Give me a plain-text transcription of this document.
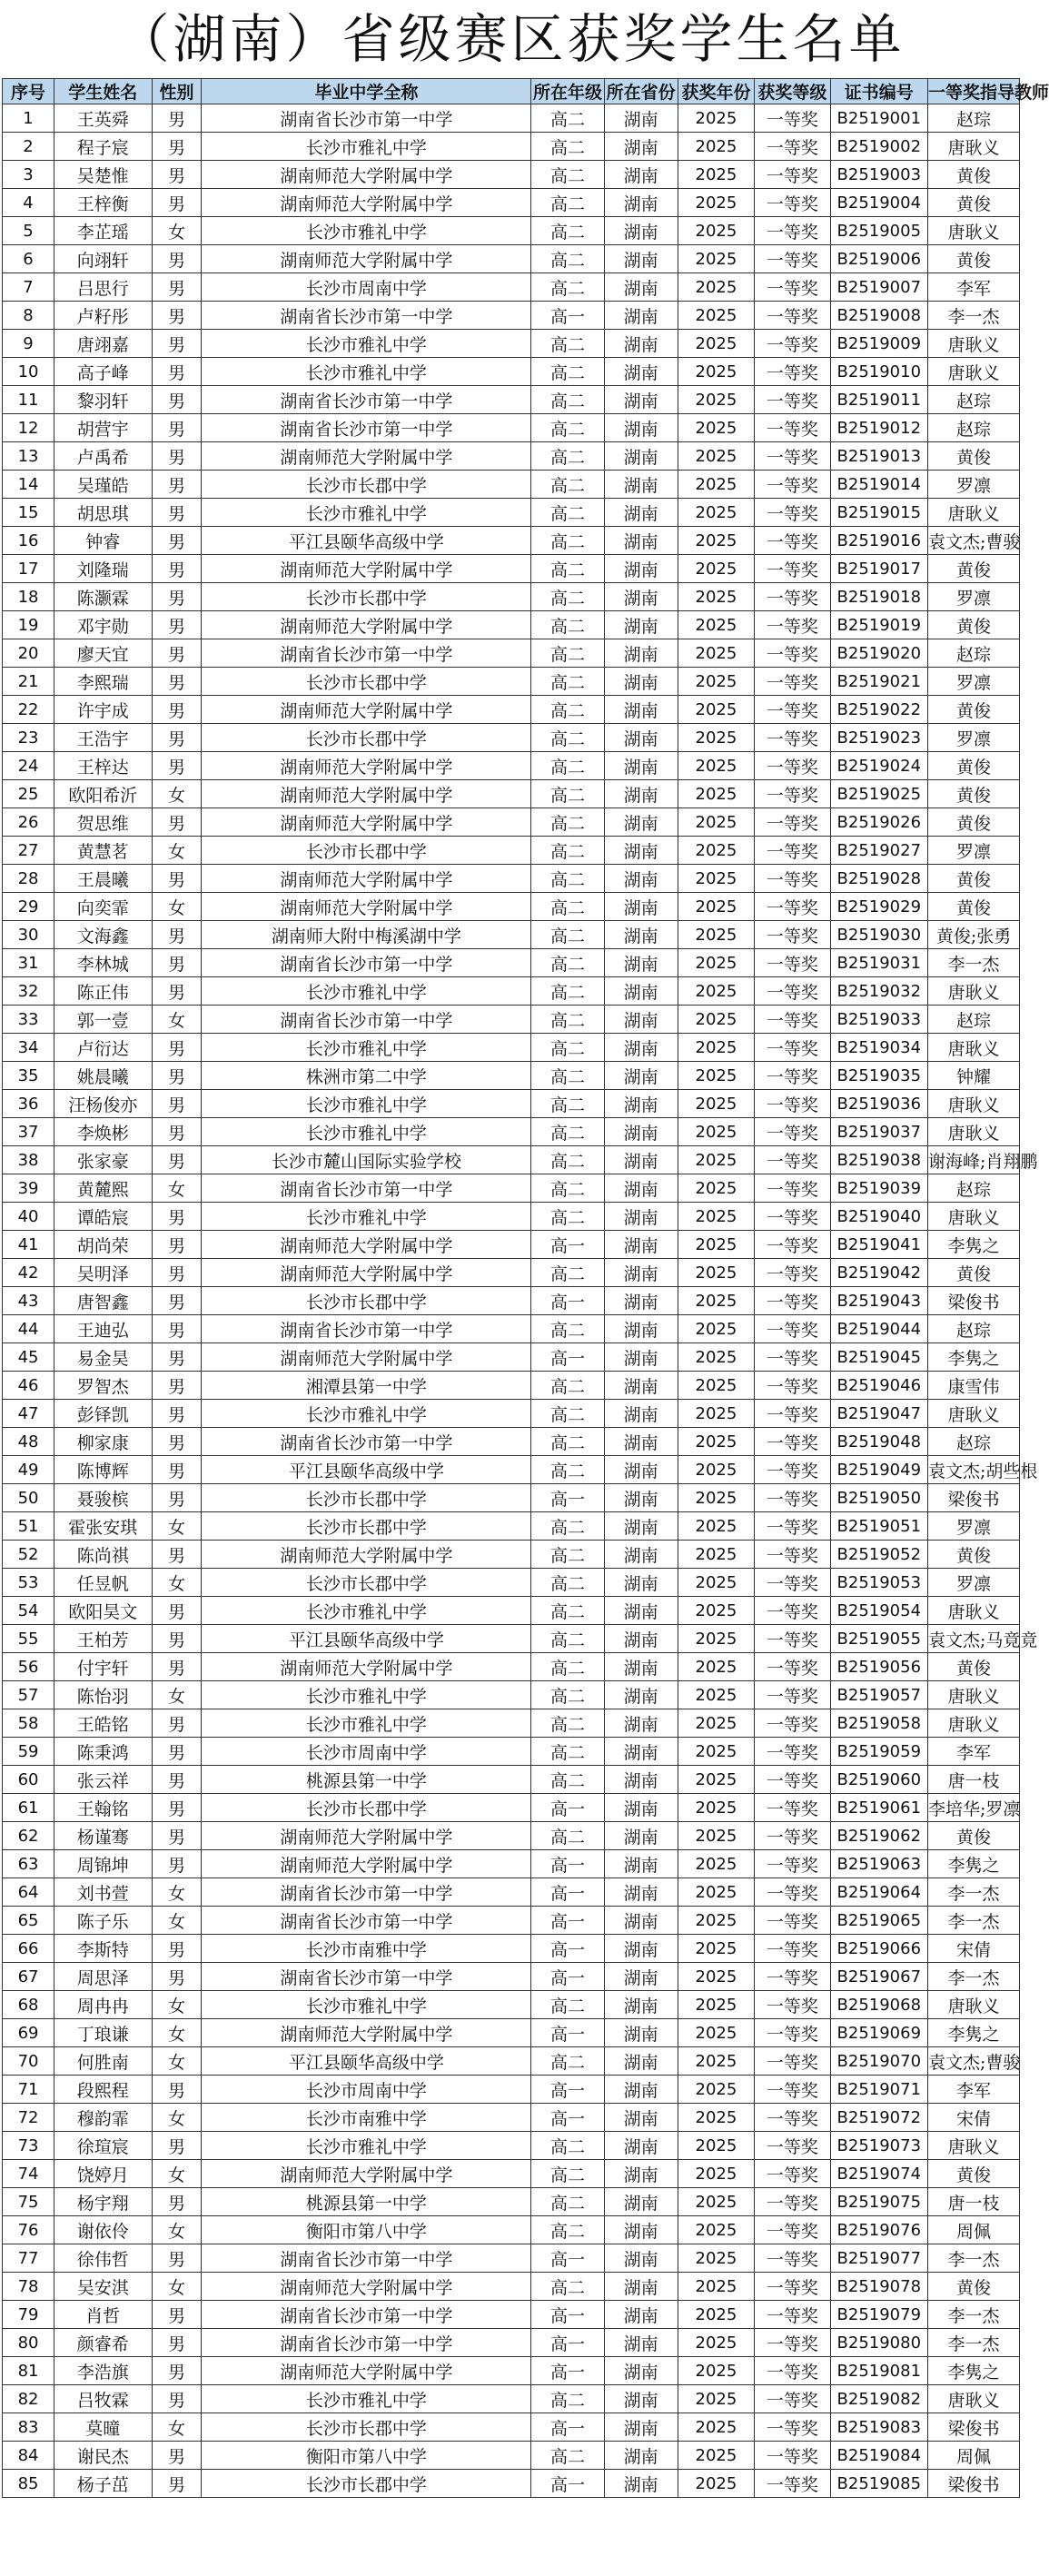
（湖南）省级赛区获奖学生名单
序号	学生姓名	性别	毕业中学全称	所在年级	所在省份	获奖年份	获奖等级	证书编号	一等奖指导教师
1	王英舜	男	湖南省长沙市第一中学	高二	湖南	2025	一等奖	B2519001	赵琮
2	程子宸	男	长沙市雅礼中学	高二	湖南	2025	一等奖	B2519002	唐耿义
3	吴楚惟	男	湖南师范大学附属中学	高二	湖南	2025	一等奖	B2519003	黄俊
4	王梓衡	男	湖南师范大学附属中学	高二	湖南	2025	一等奖	B2519004	黄俊
5	李芷瑶	女	长沙市雅礼中学	高二	湖南	2025	一等奖	B2519005	唐耿义
6	向翊轩	男	湖南师范大学附属中学	高二	湖南	2025	一等奖	B2519006	黄俊
7	吕思行	男	长沙市周南中学	高二	湖南	2025	一等奖	B2519007	李军
8	卢籽彤	男	湖南省长沙市第一中学	高一	湖南	2025	一等奖	B2519008	李一杰
9	唐翊嘉	男	长沙市雅礼中学	高二	湖南	2025	一等奖	B2519009	唐耿义
10	高子峰	男	长沙市雅礼中学	高二	湖南	2025	一等奖	B2519010	唐耿义
11	黎羽轩	男	湖南省长沙市第一中学	高二	湖南	2025	一等奖	B2519011	赵琮
12	胡营宇	男	湖南省长沙市第一中学	高二	湖南	2025	一等奖	B2519012	赵琮
13	卢禹希	男	湖南师范大学附属中学	高二	湖南	2025	一等奖	B2519013	黄俊
14	吴瑾皓	男	长沙市长郡中学	高二	湖南	2025	一等奖	B2519014	罗凛
15	胡思琪	男	长沙市雅礼中学	高二	湖南	2025	一等奖	B2519015	唐耿义
16	钟睿	男	平江县颐华高级中学	高二	湖南	2025	一等奖	B2519016	袁文杰;曹骏
17	刘隆瑞	男	湖南师范大学附属中学	高二	湖南	2025	一等奖	B2519017	黄俊
18	陈灏霖	男	长沙市长郡中学	高二	湖南	2025	一等奖	B2519018	罗凛
19	邓宇勋	男	湖南师范大学附属中学	高二	湖南	2025	一等奖	B2519019	黄俊
20	廖天宜	男	湖南省长沙市第一中学	高二	湖南	2025	一等奖	B2519020	赵琮
21	李熙瑞	男	长沙市长郡中学	高二	湖南	2025	一等奖	B2519021	罗凛
22	许宇成	男	湖南师范大学附属中学	高二	湖南	2025	一等奖	B2519022	黄俊
23	王浩宇	男	长沙市长郡中学	高二	湖南	2025	一等奖	B2519023	罗凛
24	王梓达	男	湖南师范大学附属中学	高二	湖南	2025	一等奖	B2519024	黄俊
25	欧阳希沂	女	湖南师范大学附属中学	高二	湖南	2025	一等奖	B2519025	黄俊
26	贺思维	男	湖南师范大学附属中学	高二	湖南	2025	一等奖	B2519026	黄俊
27	黄慧茗	女	长沙市长郡中学	高二	湖南	2025	一等奖	B2519027	罗凛
28	王晨曦	男	湖南师范大学附属中学	高二	湖南	2025	一等奖	B2519028	黄俊
29	向奕霏	女	湖南师范大学附属中学	高二	湖南	2025	一等奖	B2519029	黄俊
30	文海鑫	男	湖南师大附中梅溪湖中学	高二	湖南	2025	一等奖	B2519030	黄俊;张勇
31	李林城	男	湖南省长沙市第一中学	高二	湖南	2025	一等奖	B2519031	李一杰
32	陈正伟	男	长沙市雅礼中学	高二	湖南	2025	一等奖	B2519032	唐耿义
33	郭一壹	女	湖南省长沙市第一中学	高二	湖南	2025	一等奖	B2519033	赵琮
34	卢衍达	男	长沙市雅礼中学	高二	湖南	2025	一等奖	B2519034	唐耿义
35	姚晨曦	男	株洲市第二中学	高二	湖南	2025	一等奖	B2519035	钟耀
36	汪杨俊亦	男	长沙市雅礼中学	高二	湖南	2025	一等奖	B2519036	唐耿义
37	李焕彬	男	长沙市雅礼中学	高二	湖南	2025	一等奖	B2519037	唐耿义
38	张家豪	男	长沙市麓山国际实验学校	高二	湖南	2025	一等奖	B2519038	谢海峰;肖翔鹏
39	黄麓熙	女	湖南省长沙市第一中学	高二	湖南	2025	一等奖	B2519039	赵琮
40	谭皓宸	男	长沙市雅礼中学	高二	湖南	2025	一等奖	B2519040	唐耿义
41	胡尚荣	男	湖南师范大学附属中学	高一	湖南	2025	一等奖	B2519041	李隽之
42	吴明泽	男	湖南师范大学附属中学	高二	湖南	2025	一等奖	B2519042	黄俊
43	唐智鑫	男	长沙市长郡中学	高一	湖南	2025	一等奖	B2519043	梁俊书
44	王迪弘	男	湖南省长沙市第一中学	高二	湖南	2025	一等奖	B2519044	赵琮
45	易金昊	男	湖南师范大学附属中学	高一	湖南	2025	一等奖	B2519045	李隽之
46	罗智杰	男	湘潭县第一中学	高二	湖南	2025	一等奖	B2519046	康雪伟
47	彭铎凯	男	长沙市雅礼中学	高二	湖南	2025	一等奖	B2519047	唐耿义
48	柳家康	男	湖南省长沙市第一中学	高二	湖南	2025	一等奖	B2519048	赵琮
49	陈博辉	男	平江县颐华高级中学	高二	湖南	2025	一等奖	B2519049	袁文杰;胡些根
50	聂骏槟	男	长沙市长郡中学	高一	湖南	2025	一等奖	B2519050	梁俊书
51	霍张安琪	女	长沙市长郡中学	高二	湖南	2025	一等奖	B2519051	罗凛
52	陈尚祺	男	湖南师范大学附属中学	高二	湖南	2025	一等奖	B2519052	黄俊
53	任昱帆	女	长沙市长郡中学	高二	湖南	2025	一等奖	B2519053	罗凛
54	欧阳昊文	男	长沙市雅礼中学	高二	湖南	2025	一等奖	B2519054	唐耿义
55	王柏芳	男	平江县颐华高级中学	高二	湖南	2025	一等奖	B2519055	袁文杰;马竟竟
56	付宇轩	男	湖南师范大学附属中学	高二	湖南	2025	一等奖	B2519056	黄俊
57	陈怡羽	女	长沙市雅礼中学	高二	湖南	2025	一等奖	B2519057	唐耿义
58	王皓铭	男	长沙市雅礼中学	高二	湖南	2025	一等奖	B2519058	唐耿义
59	陈秉鸿	男	长沙市周南中学	高二	湖南	2025	一等奖	B2519059	李军
60	张云祥	男	桃源县第一中学	高二	湖南	2025	一等奖	B2519060	唐一枝
61	王翰铭	男	长沙市长郡中学	高一	湖南	2025	一等奖	B2519061	李培华;罗凛
62	杨谨骞	男	湖南师范大学附属中学	高二	湖南	2025	一等奖	B2519062	黄俊
63	周锦坤	男	湖南师范大学附属中学	高一	湖南	2025	一等奖	B2519063	李隽之
64	刘书萱	女	湖南省长沙市第一中学	高一	湖南	2025	一等奖	B2519064	李一杰
65	陈子乐	女	湖南省长沙市第一中学	高一	湖南	2025	一等奖	B2519065	李一杰
66	李斯特	男	长沙市南雅中学	高一	湖南	2025	一等奖	B2519066	宋倩
67	周思泽	男	湖南省长沙市第一中学	高一	湖南	2025	一等奖	B2519067	李一杰
68	周冉冉	女	长沙市雅礼中学	高二	湖南	2025	一等奖	B2519068	唐耿义
69	丁琅谦	女	湖南师范大学附属中学	高一	湖南	2025	一等奖	B2519069	李隽之
70	何胜南	女	平江县颐华高级中学	高二	湖南	2025	一等奖	B2519070	袁文杰;曹骏
71	段熙程	男	长沙市周南中学	高一	湖南	2025	一等奖	B2519071	李军
72	穆韵霏	女	长沙市南雅中学	高一	湖南	2025	一等奖	B2519072	宋倩
73	徐瑄宸	男	长沙市雅礼中学	高二	湖南	2025	一等奖	B2519073	唐耿义
74	饶婷月	女	湖南师范大学附属中学	高二	湖南	2025	一等奖	B2519074	黄俊
75	杨宇翔	男	桃源县第一中学	高二	湖南	2025	一等奖	B2519075	唐一枝
76	谢依伶	女	衡阳市第八中学	高二	湖南	2025	一等奖	B2519076	周佩
77	徐伟哲	男	湖南省长沙市第一中学	高一	湖南	2025	一等奖	B2519077	李一杰
78	吴安淇	女	湖南师范大学附属中学	高二	湖南	2025	一等奖	B2519078	黄俊
79	肖哲	男	湖南省长沙市第一中学	高一	湖南	2025	一等奖	B2519079	李一杰
80	颜睿希	男	湖南省长沙市第一中学	高一	湖南	2025	一等奖	B2519080	李一杰
81	李浩旗	男	湖南师范大学附属中学	高一	湖南	2025	一等奖	B2519081	李隽之
82	吕牧霖	男	长沙市雅礼中学	高二	湖南	2025	一等奖	B2519082	唐耿义
83	莫曈	女	长沙市长郡中学	高一	湖南	2025	一等奖	B2519083	梁俊书
84	谢民杰	男	衡阳市第八中学	高二	湖南	2025	一等奖	B2519084	周佩
85	杨子茁	男	长沙市长郡中学	高一	湖南	2025	一等奖	B2519085	梁俊书
